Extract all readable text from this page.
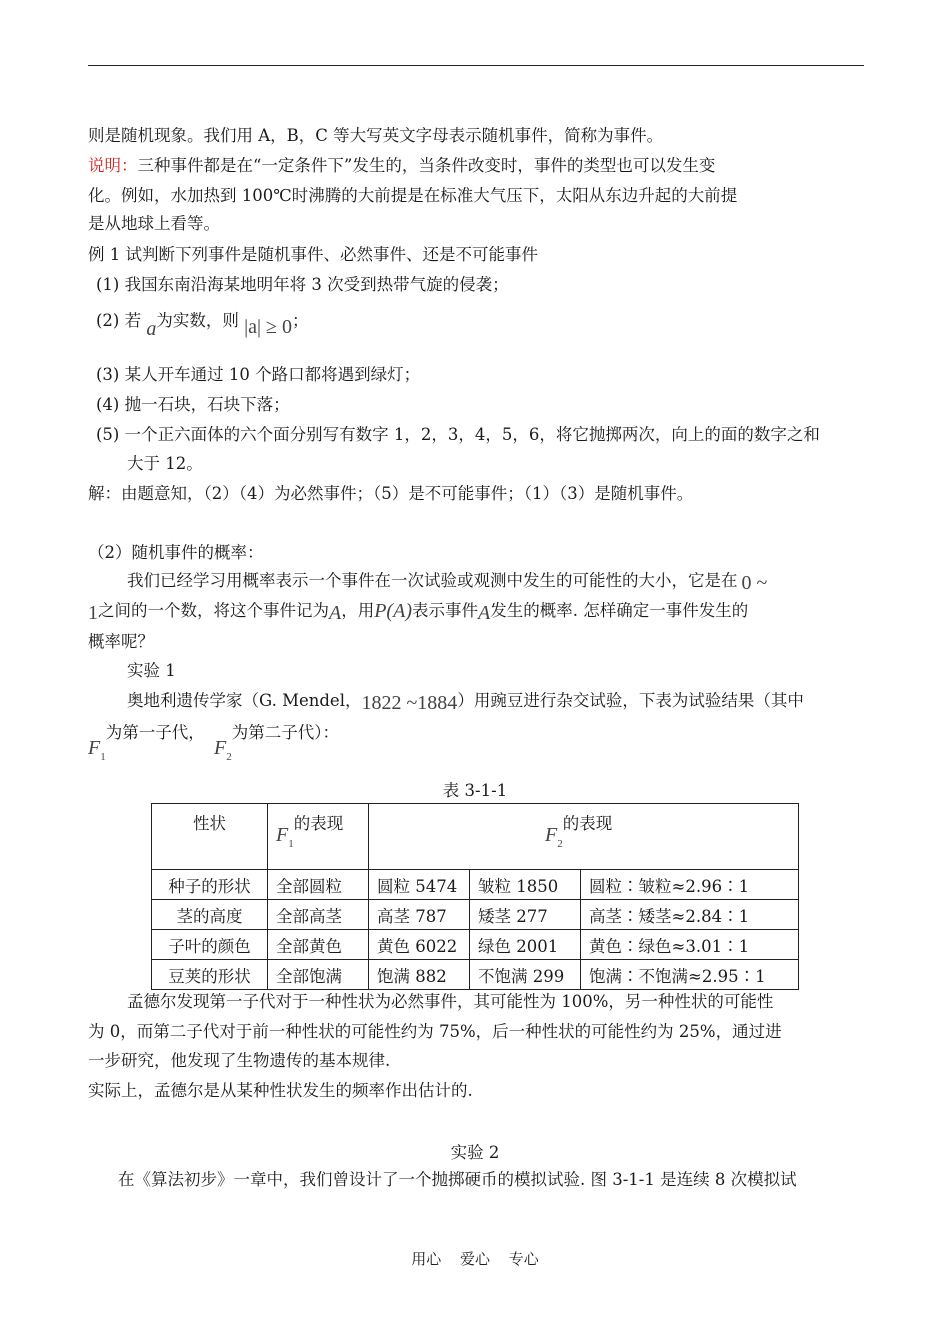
则是随机现象。我们用 A，B，C 等大写英文字母表示随机事件，简称为事件。
说明：三种事件都是在“一定条件下”发生的，当条件改变时，事件的类型也可以发生变
化。例如，水加热到 100℃时沸腾的大前提是在标准大气压下，太阳从东边升起的大前提
是从地球上看等。
例 1 试判断下列事件是随机事件、必然事件、还是不可能事件
(1) 我国东南沿海某地明年将 3 次受到热带气旋的侵袭；
(2) 若 a为实数，则 |a| ≥ 0；
(3) 某人开车通过 10 个路口都将遇到绿灯；
(4) 抛一石块，石块下落；
(5) 一个正六面体的六个面分别写有数字 1，2，3，4，5，6，将它抛掷两次，向上的面的数字之和
大于 12。
解：由题意知，（2）（4）为必然事件；（5）是不可能事件；（1）（3）是随机事件。
（2）随机事件的概率：
我们已经学习用概率表示一个事件在一次试验或观测中发生的可能性的大小，它是在 0 ~
1之间的一个数，将这个事件记为A，用P(A)表示事件A发生的概率. 怎样确定一事件发生的
概率呢？
实验 1
奥地利遗传学家（G. Mendel，1822 ~1884）用豌豆进行杂交试验，下表为试验结果（其中
$F_1$为第一子代， $F_2$为第二子代）：
表 3-1-1
性状	$F_1$的表现	$F_2$的表现		
种子的形状	全部圆粒	圆粒 5474	皱粒 1850	圆粒∶皱粒≈2.96∶1
茎的高度	全部高茎	高茎 787	矮茎 277	高茎∶矮茎≈2.84∶1
子叶的颜色	全部黄色	黄色 6022	绿色 2001	黄色∶绿色≈3.01∶1
豆荚的形状	全部饱满	饱满 882	不饱满 299	饱满∶不饱满≈2.95∶1
孟德尔发现第一子代对于一种性状为必然事件，其可能性为 100%，另一种性状的可能性
为 0，而第二子代对于前一种性状的可能性约为 75%，后一种性状的可能性约为 25%，通过进
一步研究，他发现了生物遗传的基本规律.
实际上，孟德尔是从某种性状发生的频率作出估计的.
实验 2
在《算法初步》一章中，我们曾设计了一个抛掷硬币的模拟试验. 图 3-1-1 是连续 8 次模拟试
用心 爱心 专心
